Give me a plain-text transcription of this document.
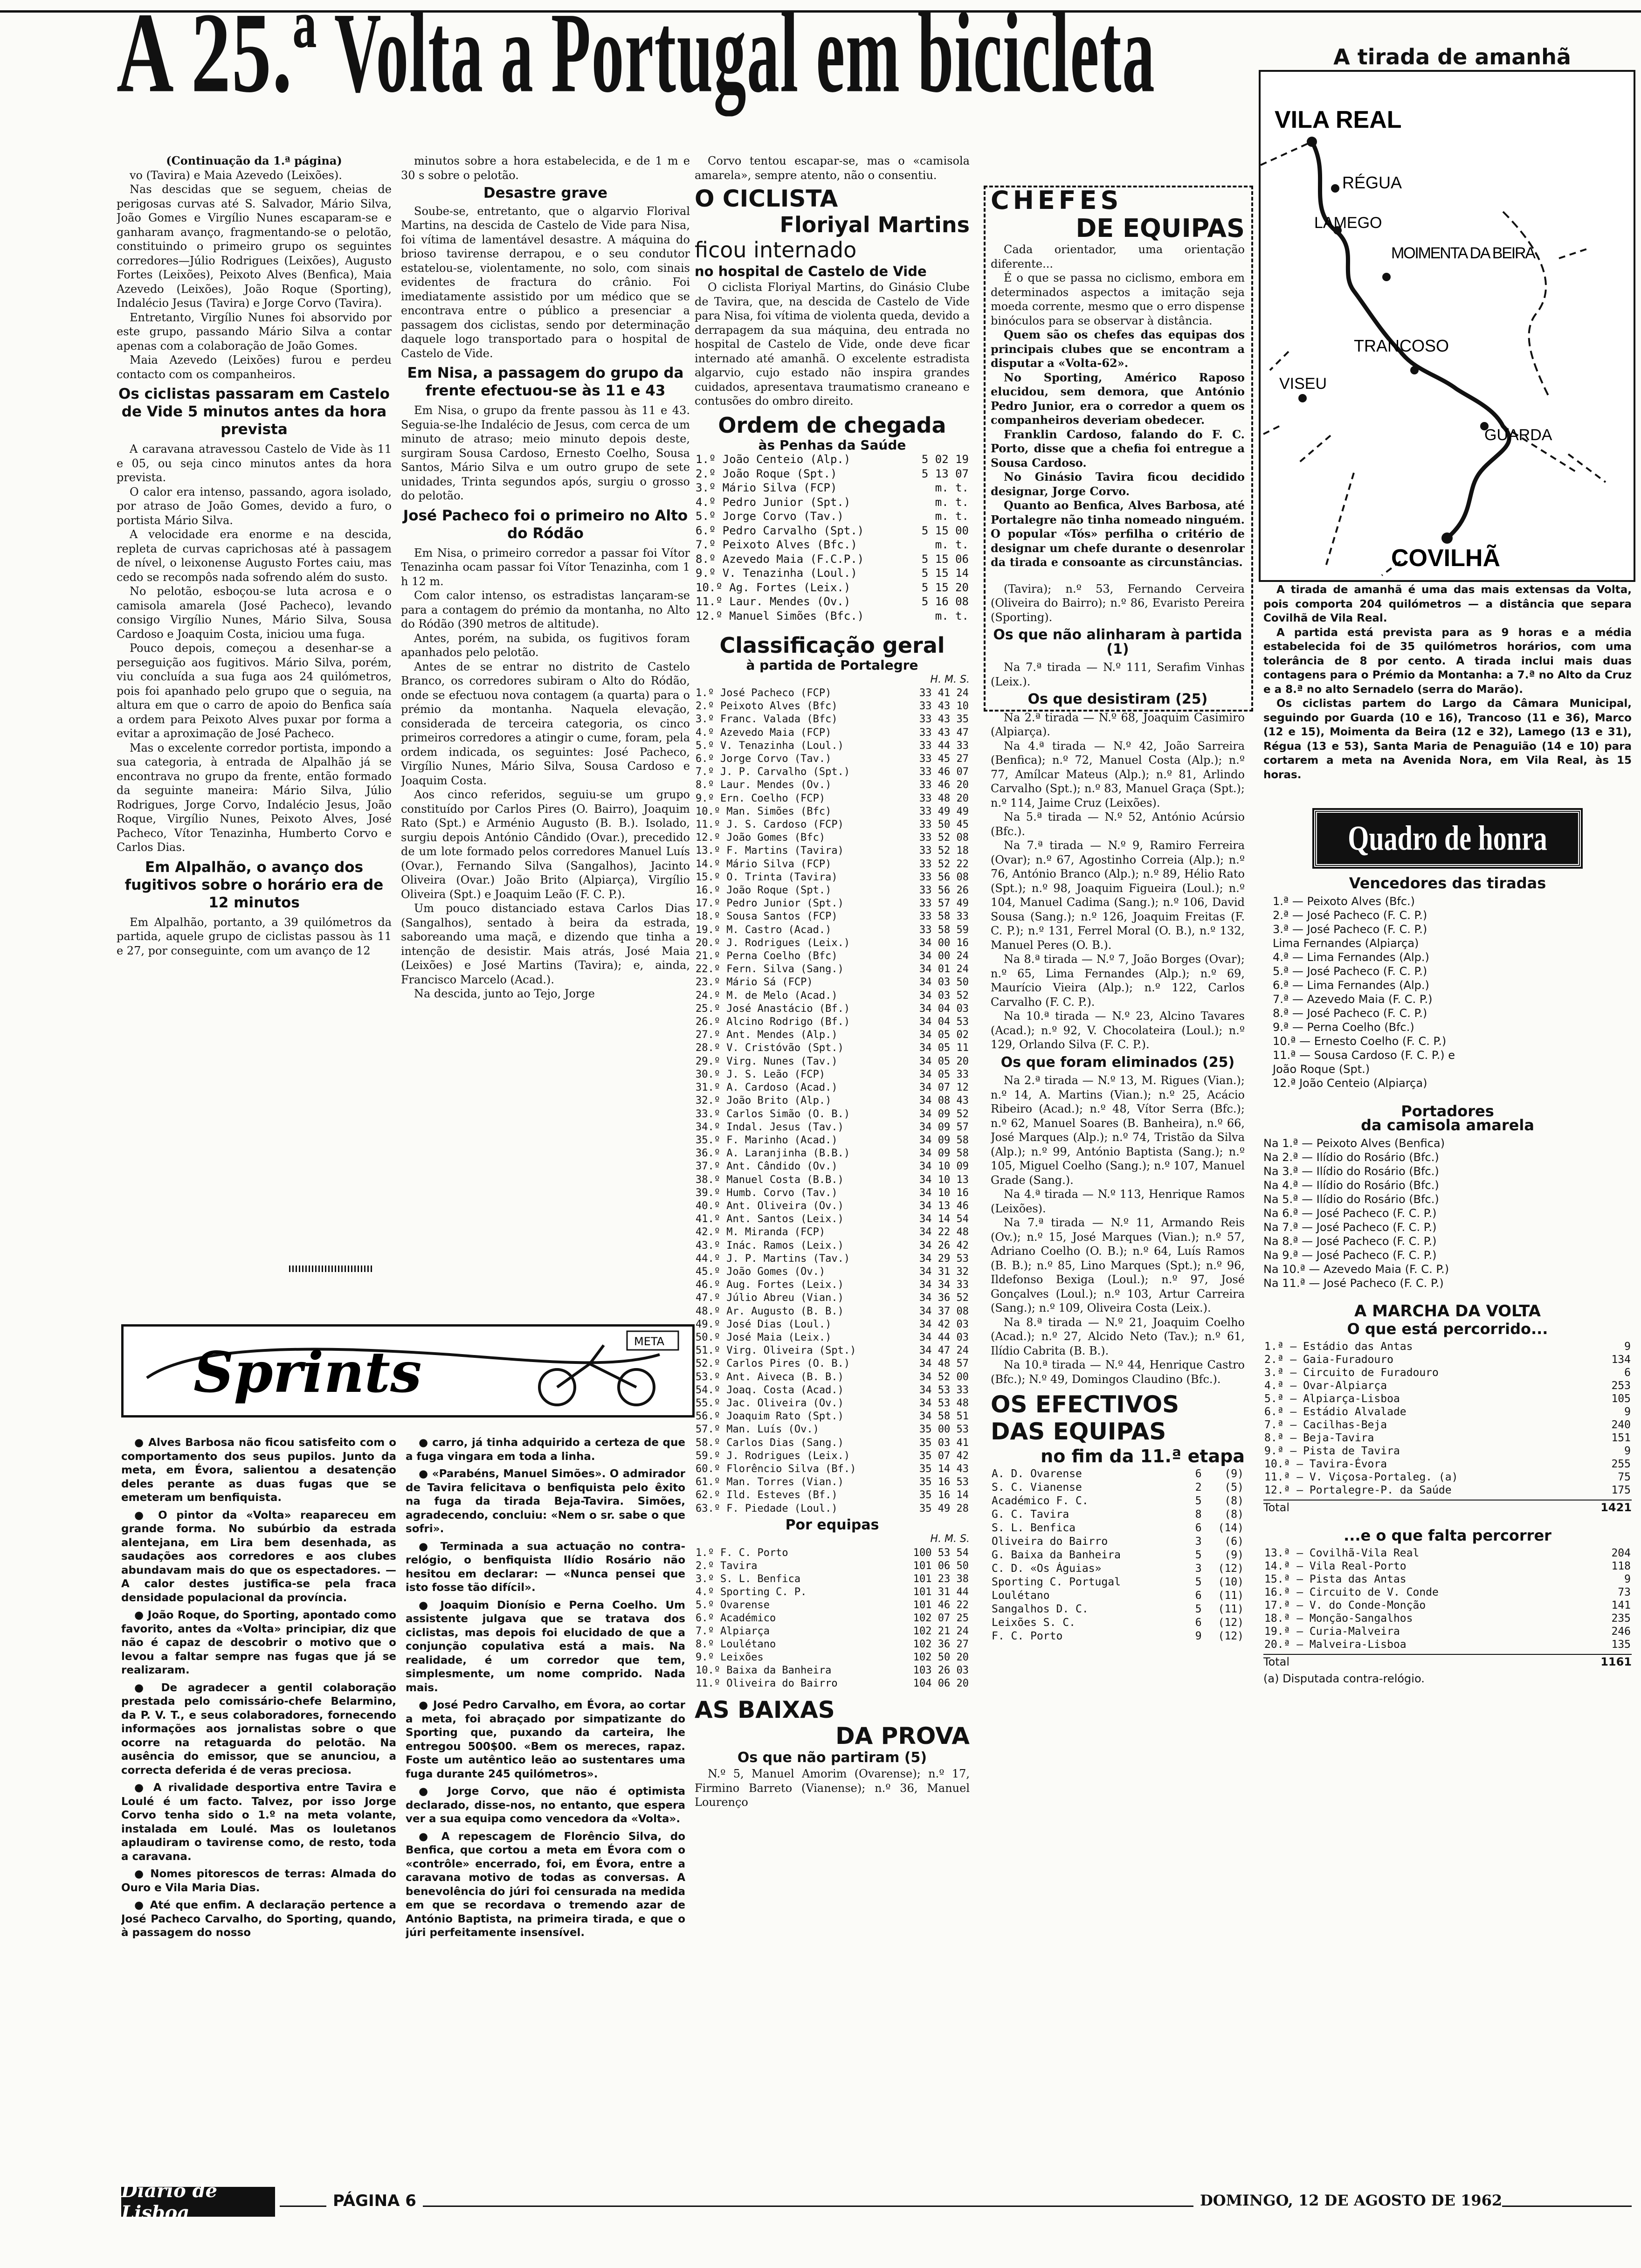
A 25.ª Volta a Portugal em bicicleta	A tirada de amanhã
VILA REAL
RÉGUA
LAMEGO
MOIMENTA DA BEIRA
TRANCOSO
VISEU
GUARDA
COVILHÃ
(Continuação da 1.ª página)

vo (Tavira) e Maia Azevedo (Leixões).

Nas descidas que se seguem, cheias de perigosas curvas até S. Salvador, Mário Silva, João Gomes e Virgílio Nunes escaparam-se e ganharam avanço, fragmentando-se o pelotão, constituindo o primeiro grupo os seguintes corredores—Júlio Rodrigues (Leixões), Augusto Fortes (Leixões), Peixoto Alves (Benfica), Maia Azevedo (Leixões), João Roque (Sporting), Indalécio Jesus (Tavira) e Jorge Corvo (Tavira).

Entretanto, Virgílio Nunes foi absorvido por este grupo, passando Mário Silva a contar apenas com a colaboração de João Gomes.

Maia Azevedo (Leixões) furou e perdeu contacto com os companheiros.

Os ciclistas passaram em Castelo de Vide 5 minutos antes da hora prevista

A caravana atravessou Castelo de Vide às 11 e 05, ou seja cinco minutos antes da hora prevista.

O calor era intenso, passando, agora isolado, por atraso de João Gomes, devido a furo, o portista Mário Silva.

A velocidade era enorme e na descida, repleta de curvas caprichosas até à passagem de nível, o leixonense Augusto Fortes caiu, mas cedo se recompôs nada sofrendo além do susto.

No pelotão, esboçou-se luta acrosa e o camisola amarela (José Pacheco), levando consigo Virgílio Nunes, Mário Silva, Sousa Cardoso e Joaquim Costa, iniciou uma fuga.

Pouco depois, começou a desenhar-se a perseguição aos fugitivos. Mário Silva, porém, viu concluída a sua fuga aos 24 quilómetros, pois foi apanhado pelo grupo que o seguia, na altura em que o carro de apoio do Benfica saía a ordem para Peixoto Alves puxar por forma a evitar a aproximação de José Pacheco.

Mas o excelente corredor portista, impondo a sua categoria, à entrada de Alpalhão já se encontrava no grupo da frente, então formado da seguinte maneira: Mário Silva, Júlio Rodrigues, Jorge Corvo, Indalécio Jesus, João Roque, Virgílio Nunes, Peixoto Alves, José Pacheco, Vítor Tenazinha, Humberto Corvo e Carlos Dias.

Em Alpalhão, o avanço dos fugitivos sobre o horário era de 12 minutos

Em Alpalhão, portanto, a 39 quilómetros da partida, aquele grupo de ciclistas passou às 11 e 27, por conseguinte, com um avanço de 12

minutos sobre a hora estabelecida, e de 1 m e 30 s sobre o pelotão.

Desastre grave

Soube-se, entretanto, que o algarvio Florival Martins, na descida de Castelo de Vide para Nisa, foi vítima de lamentável desastre. A máquina do brioso tavirense derrapou, e o seu condutor estatelou-se, violentamente, no solo, com sinais evidentes de fractura do crânio. Foi imediatamente assistido por um médico que se encontrava entre o público a presenciar a passagem dos ciclistas, sendo por determinação daquele logo transportado para o hospital de Castelo de Vide.

Em Nisa, a passagem do grupo da frente efectuou-se às 11 e 43

Em Nisa, o grupo da frente passou às 11 e 43. Seguia-se-lhe Indalécio de Jesus, com cerca de um minuto de atraso; meio minuto depois deste, surgiram Sousa Cardoso, Ernesto Coelho, Sousa Santos, Mário Silva e um outro grupo de sete unidades, Trinta segundos após, surgiu o grosso do pelotão.

José Pacheco foi o primeiro no Alto do Ródão

Em Nisa, o primeiro corredor a passar foi Vítor Tenazinha ocam passar foi Vítor Tenazinha, com 1 h 12 m.

Com calor intenso, os estradistas lançaram-se para a contagem do prémio da montanha, no Alto do Ródão (390 metros de altitude).

Antes, porém, na subida, os fugitivos foram apanhados pelo pelotão.

Antes de se entrar no distrito de Castelo Branco, os corredores subiram o Alto do Ródão, onde se efectuou nova contagem (a quarta) para o prémio da montanha. Naquela elevação, considerada de terceira categoria, os cinco primeiros corredores a atingir o cume, foram, pela ordem indicada, os seguintes: José Pacheco, Virgílio Nunes, Mário Silva, Sousa Cardoso e Joaquim Costa.

Aos cinco referidos, seguiu-se um grupo constituído por Carlos Pires (O. Bairro), Joaquim Rato (Spt.) e Arménio Augusto (B. B.). Isolado, surgiu depois António Cândido (Ovar.), precedido de um lote formado pelos corredores Manuel Luís (Ovar.), Fernando Silva (Sangalhos), Jacinto Oliveira (Ovar.) João Brito (Alpiarça), Virgílio Oliveira (Spt.) e Joaquim Leão (F. C. P.).

Um pouco distanciado estava Carlos Dias (Sangalhos), sentado à beira da estrada, saboreando uma maçã, e dizendo que tinha a intenção de desistir. Mais atrás, José Maia (Leixões) e José Martins (Tavira); e, ainda, Francisco Marcelo (Acad.).

Na descida, junto ao Tejo, Jorge

Corvo tentou escapar-se, mas o «camisola amarela», sempre atento, não o consentiu.

O CICLISTA
Floriyal Martins
ficou internado
no hospital de Castelo de Vide

O ciclista Floriyal Martins, do Ginásio Clube de Tavira, que, na descida de Castelo de Vide para Nisa, foi vítima de violenta queda, devido a derrapagem da sua máquina, deu entrada no hospital de Castelo de Vide, onde deve ficar internado até amanhã. O excelente estradista algarvio, cujo estado não inspira grandes cuidados, apresentava traumatismo craneano e contusões do ombro direito.

Ordem de chegada
às Penhas da Saúde
1.º João Centeio (Alp.)	5 02 19
2.º João Roque (Spt.)	5 13 07
3.º Mário Silva (FCP)	m. t.
4.º Pedro Junior (Spt.)	m. t.
5.º Jorge Corvo (Tav.)	m. t.
6.º Pedro Carvalho (Spt.)	5 15 00
7.º Peixoto Alves (Bfc.)	m. t.
8.º Azevedo Maia (F.C.P.)	5 15 06
9.º V. Tenazinha (Loul.)	5 15 14
10.º Ag. Fortes (Leix.)	5 15 20
11.º Laur. Mendes (Ov.)	5 16 08
12.º Manuel Simões (Bfc.)	m. t.
Classificação geral
à partida de Portalegre
H. M. S.
1.º José Pacheco (FCP)	33 41 24
2.º Peixoto Alves (Bfc)	33 43 10
3.º Franc. Valada (Bfc)	33 43 35
4.º Azevedo Maia (FCP)	33 43 47
5.º V. Tenazinha (Loul.)	33 44 33
6.º Jorge Corvo (Tav.)	33 45 27
7.º J. P. Carvalho (Spt.)	33 46 07
8.º Laur. Mendes (Ov.)	33 46 20
9.º Ern. Coelho (FCP)	33 48 20
10.º Man. Simões (Bfc)	33 49 49
11.º J. S. Cardoso (FCP)	33 50 45
12.º João Gomes (Bfc)	33 52 08
13.º F. Martins (Tavira)	33 52 18
14.º Mário Silva (FCP)	33 52 22
15.º O. Trinta (Tavira)	33 56 08
16.º João Roque (Spt.)	33 56 26
17.º Pedro Junior (Spt.)	33 57 49
18.º Sousa Santos (FCP)	33 58 33
19.º M. Castro (Acad.)	33 58 59
20.º J. Rodrigues (Leix.)	34 00 16
21.º Perna Coelho (Bfc)	34 00 24
22.º Fern. Silva (Sang.)	34 01 24
23.º Mário Sá (FCP)	34 03 50
24.º M. de Melo (Acad.)	34 03 52
25.º José Anastácio (Bf.)	34 04 03
26.º Alcino Rodrigo (Bf.)	34 04 53
27.º Ant. Mendes (Alp.)	34 05 02
28.º V. Cristóvão (Spt.)	34 05 11
29.º Virg. Nunes (Tav.)	34 05 20
30.º J. S. Leão (FCP)	34 05 33
31.º A. Cardoso (Acad.)	34 07 12
32.º João Brito (Alp.)	34 08 43
33.º Carlos Simão (O. B.)	34 09 52
34.º Indal. Jesus (Tav.)	34 09 57
35.º F. Marinho (Acad.)	34 09 58
36.º A. Laranjinha (B.B.)	34 09 58
37.º Ant. Cândido (Ov.)	34 10 09
38.º Manuel Costa (B.B.)	34 10 13
39.º Humb. Corvo (Tav.)	34 10 16
40.º Ant. Oliveira (Ov.)	34 13 46
41.º Ant. Santos (Leix.)	34 14 54
42.º M. Miranda (FCP)	34 22 48
43.º Inác. Ramos (Leix.)	34 26 42
44.º J. P. Martins (Tav.)	34 29 53
45.º João Gomes (Ov.)	34 31 32
46.º Aug. Fortes (Leix.)	34 34 33
47.º Júlio Abreu (Vian.)	34 36 52
48.º Ar. Augusto (B. B.)	34 37 08
49.º José Dias (Loul.)	34 42 03
50.º José Maia (Leix.)	34 44 03
51.º Virg. Oliveira (Spt.)	34 47 24
52.º Carlos Pires (O. B.)	34 48 57
53.º Ant. Aiveca (B. B.)	34 52 00
54.º Joaq. Costa (Acad.)	34 53 33
55.º Jac. Oliveira (Ov.)	34 53 48
56.º Joaquim Rato (Spt.)	34 58 51
57.º Man. Luís (Ov.)	35 00 53
58.º Carlos Dias (Sang.)	35 03 41
59.º J. Rodrigues (Leix.)	35 07 42
60.º Florêncio Silva (Bf.)	35 14 43
61.º Man. Torres (Vian.)	35 16 53
62.º Ild. Esteves (Bf.)	35 16 14
63.º F. Piedade (Loul.)	35 49 28
Por equipas
H. M. S.
1.º F. C. Porto	100 53 54
2.º Tavira	101 06 50
3.º S. L. Benfica	101 23 38
4.º Sporting C. P.	101 31 44
5.º Ovarense	101 46 22
6.º Académico	102 07 25
7.º Alpiarça	102 21 24
8.º Loulétano	102 36 27
9.º Leixões	102 50 20
10.º Baixa da Banheira	103 26 03
11.º Oliveira do Bairro	104 06 20
AS BAIXAS
DA PROVA
Os que não partiram (5)

N.º 5, Manuel Amorim (Ovarense); n.º 17, Firmino Barreto (Vianense); n.º 36, Manuel Lourenço

CHEFES
DE EQUIPAS

Cada orientador, uma orientação diferente...

É o que se passa no ciclismo, embora em determinados aspectos a imitação seja moeda corrente, mesmo que o erro dispense binóculos para se observar à distância.

Quem são os chefes das equipas dos principais clubes que se encontram a disputar a «Volta-62».

No Sporting, Américo Raposo elucidou, sem demora, que António Pedro Junior, era o corredor a quem os companheiros deveriam obedecer.

Franklin Cardoso, falando do F. C. Porto, disse que a chefia foi entregue a Sousa Cardoso.

No Ginásio Tavira ficou decidido designar, Jorge Corvo.

Quanto ao Benfica, Alves Barbosa, até Portalegre não tinha nomeado ninguém. O popular «Tós» perfilha o critério de designar um chefe durante o desenrolar da tirada e consoante as circunstâncias.

(Tavira); n.º 53, Fernando Cerveira (Oliveira do Bairro); n.º 86, Evaristo Pereira (Sporting).

Os que não alinharam à partida (1)

Na 7.ª tirada — N.º 111, Serafim Vinhas (Leix.).

Os que desistiram (25)

Na 2.ª tirada — N.º 68, Joaquim Casimiro (Alpiarça).

Na 4.ª tirada — N.º 42, João Sarreira (Benfica); n.º 72, Manuel Costa (Alp.); n.º 77, Amílcar Mateus (Alp.); n.º 81, Arlindo Carvalho (Spt.); n.º 83, Manuel Graça (Spt.); n.º 114, Jaime Cruz (Leixões).

Na 5.ª tirada — N.º 52, António Acúrsio (Bfc.).

Na 7.ª tirada — N.º 9, Ramiro Ferreira (Ovar); n.º 67, Agostinho Correia (Alp.); n.º 76, António Branco (Alp.); n.º 89, Hélio Rato (Spt.); n.º 98, Joaquim Figueira (Loul.); n.º 104, Manuel Cadima (Sang.); n.º 106, David Sousa (Sang.); n.º 126, Joaquim Freitas (F. C. P.); n.º 131, Ferrel Moral (O. B.), n.º 132, Manuel Peres (O. B.).

Na 8.ª tirada — N.º 7, João Borges (Ovar); n.º 65, Lima Fernandes (Alp.); n.º 69, Maurício Vieira (Alp.); n.º 122, Carlos Carvalho (F. C. P.).

Na 10.ª tirada — N.º 23, Alcino Tavares (Acad.); n.º 92, V. Chocolateira (Loul.); n.º 129, Orlando Silva (F. C. P.).

Os que foram eliminados (25)

Na 2.ª tirada — N.º 13, M. Rigues (Vian.); n.º 14, A. Martins (Vian.); n.º 25, Acácio Ribeiro (Acad.); n.º 48, Vítor Serra (Bfc.); n.º 62, Manuel Soares (B. Banheira), n.º 66, José Marques (Alp.); n.º 74, Tristão da Silva (Alp.); n.º 99, António Baptista (Sang.); n.º 105, Miguel Coelho (Sang.); n.º 107, Manuel Grade (Sang.).

Na 4.ª tirada — N.º 113, Henrique Ramos (Leixões).

Na 7.ª tirada — N.º 11, Armando Reis (Ov.); n.º 15, José Marques (Vian.); n.º 57, Adriano Coelho (O. B.); n.º 64, Luís Ramos (B. B.); n.º 85, Lino Marques (Spt.); n.º 96, Ildefonso Bexiga (Loul.); n.º 97, José Gonçalves (Loul.); n.º 103, Artur Carreira (Sang.); n.º 109, Oliveira Costa (Leix.).

Na 8.ª tirada — N.º 21, Joaquim Coelho (Acad.); n.º 27, Alcido Neto (Tav.); n.º 61, Ilídio Cabrita (B. B.).

Na 10.ª tirada — N.º 44, Henrique Castro (Bfc.); N.º 49, Domingos Claudino (Bfc.).

OS EFECTIVOS
DAS EQUIPAS
no fim da 11.ª etapa
A. D. Ovarense	6	(9)
S. C. Vianense	2	(5)
Académico F. C.	5	(8)
G. C. Tavira	8	(8)
S. L. Benfica	6	(14)
Oliveira do Bairro	3	(6)
G. Baixa da Banheira	5	(9)
C. D. «Os Águias»	3	(12)
Sporting C. Portugal	5	(10)
Loulétano	6	(11)
Sangalhos D. C.	5	(11)
Leixões S. C.	6	(12)
F. C. Porto	9	(12)

A tirada de amanhã é uma das mais extensas da Volta, pois comporta 204 quilómetros — a distância que separa Covilhã de Vila Real.

A partida está prevista para as 9 horas e a média estabelecida foi de 35 quilómetros horários, com uma tolerância de 8 por cento. A tirada inclui mais duas contagens para o Prémio da Montanha: a 7.ª no Alto da Cruz e a 8.ª no alto Sernadelo (serra do Marão).

Os ciclistas partem do Largo da Câmara Municipal, seguindo por Guarda (10 e 16), Trancoso (11 e 36), Marco (12 e 15), Moimenta da Beira (12 e 32), Lamego (13 e 31), Régua (13 e 53), Santa Maria de Penaguião (14 e 10) para cortarem a meta na Avenida Nora, em Vila Real, às 15 horas.

Quadro de honra
Vencedores das tiradas
1.ª — Peixoto Alves (Bfc.)
2.ª — José Pacheco (F. C. P.)
3.ª — José Pacheco (F. C. P.)
Lima Fernandes (Alpiarça)
4.ª — Lima Fernandes (Alp.)
5.ª — José Pacheco (F. C. P.)
6.ª — Lima Fernandes (Alp.)
7.ª — Azevedo Maia (F. C. P.)
8.ª — José Pacheco (F. C. P.)
9.ª — Perna Coelho (Bfc.)
10.ª — Ernesto Coelho (F. C. P.)
11.ª — Sousa Cardoso (F. C. P.) e
João Roque (Spt.)
12.ª João Centeio (Alpiarça)
Portadores
da camisola amarela
Na 1.ª — Peixoto Alves (Benfica)
Na 2.ª — Ilídio do Rosário (Bfc.)
Na 3.ª — Ilídio do Rosário (Bfc.)
Na 4.ª — Ilídio do Rosário (Bfc.)
Na 5.ª — Ilídio do Rosário (Bfc.)
Na 6.ª — José Pacheco (F. C. P.)
Na 7.ª — José Pacheco (F. C. P.)
Na 8.ª — José Pacheco (F. C. P.)
Na 9.ª — José Pacheco (F. C. P.)
Na 10.ª — Azevedo Maia (F. C. P.)
Na 11.ª — José Pacheco (F. C. P.)
A MARCHA DA VOLTA
O que está percorrido...
1.ª — Estádio das Antas	9
2.ª — Gaia-Furadouro	134
3.ª — Circuito de Furadouro	6
4.ª — Ovar-Alpiarça	253
5.ª — Alpiarça-Lisboa	105
6.ª — Estádio Alvalade	9
7.ª — Cacilhas-Beja	240
8.ª — Beja-Tavira	151
9.ª — Pista de Tavira	9
10.ª — Tavira-Évora	255
11.ª — V. Viçosa-Portaleg. (a)	75
12.ª — Portalegre-P. da Saúde	175
Total	1421
...e o que falta percorrer
13.ª — Covilhã-Vila Real	204
14.ª — Vila Real-Porto	118
15.ª — Pista das Antas	9
16.ª — Circuito de V. Conde	73
17.ª — V. do Conde-Monção	141
18.ª — Monção-Sangalhos	235
19.ª — Curia-Malveira	246
20.ª — Malveira-Lisboa	135
Total	1161
(a) Disputada contra-relógio.
Sprints	META

● Alves Barbosa não ficou satisfeito com o comportamento dos seus pupilos. Junto da meta, em Évora, salientou a desatenção deles perante as duas fugas que se emeteram um benfiquista.

● O pintor da «Volta» reapareceu em grande forma. No subúrbio da estrada alentejana, em Lira bem desenhada, as saudações aos corredores e aos clubes abundavam mais do que os espectadores. — A calor destes justifica-se pela fraca densidade populacional da província.

● João Roque, do Sporting, apontado como favorito, antes da «Volta» principiar, diz que não é capaz de descobrir o motivo que o levou a faltar sempre nas fugas que já se realizaram.

● De agradecer a gentil colaboração prestada pelo comissário-chefe Belarmino, da P. V. T., e seus colaboradores, fornecendo informações aos jornalistas sobre o que ocorre na retaguarda do pelotão. Na ausência do emissor, que se anunciou, a correcta deferida é de veras preciosa.

● A rivalidade desportiva entre Tavira e Loulé é um facto. Talvez, por isso Jorge Corvo tenha sido o 1.º na meta volante, instalada em Loulé. Mas os louletanos aplaudiram o tavirense como, de resto, toda a caravana.

● Nomes pitorescos de terras: Almada do Ouro e Vila Maria Dias.

● Até que enfim. A declaração pertence a José Pacheco Carvalho, do Sporting, quando, à passagem do nosso

● carro, já tinha adquirido a certeza de que a fuga vingara em toda a linha.

● «Parabéns, Manuel Simões». O admirador de Tavira felicitava o benfiquista pelo êxito na fuga da tirada Beja-Tavira. Simões, agradecendo, concluiu: «Nem o sr. sabe o que sofri».

● Terminada a sua actuação no contra-relógio, o benfiquista Ilídio Rosário não hesitou em declarar: — «Nunca pensei que isto fosse tão difícil».

● Joaquim Dionísio e Perna Coelho. Um assistente julgava que se tratava dos ciclistas, mas depois foi elucidado de que a conjunção copulativa está a mais. Na realidade, é um corredor que tem, simplesmente, um nome comprido. Nada mais.

● José Pedro Carvalho, em Évora, ao cortar a meta, foi abraçado por simpatizante do Sporting que, puxando da carteira, lhe entregou 500$00. «Bem os mereces, rapaz. Foste um autêntico leão ao sustentares uma fuga durante 245 quilómetros».

● Jorge Corvo, que não é optimista declarado, disse-nos, no entanto, que espera ver a sua equipa como vencedora da «Volta».

● A repescagem de Florêncio Silva, do Benfica, que cortou a meta em Évora com o «contrôle» encerrado, foi, em Évora, entre a caravana motivo de todas as conversas. A benevolência do júri foi censurada na medida em que se recordava o tremendo azar de António Baptista, na primeira tirada, e que o júri perfeitamente insensível.

Diário de Lisboa
PÁGINA 6	DOMINGO, 12 DE AGOSTO DE 1962
